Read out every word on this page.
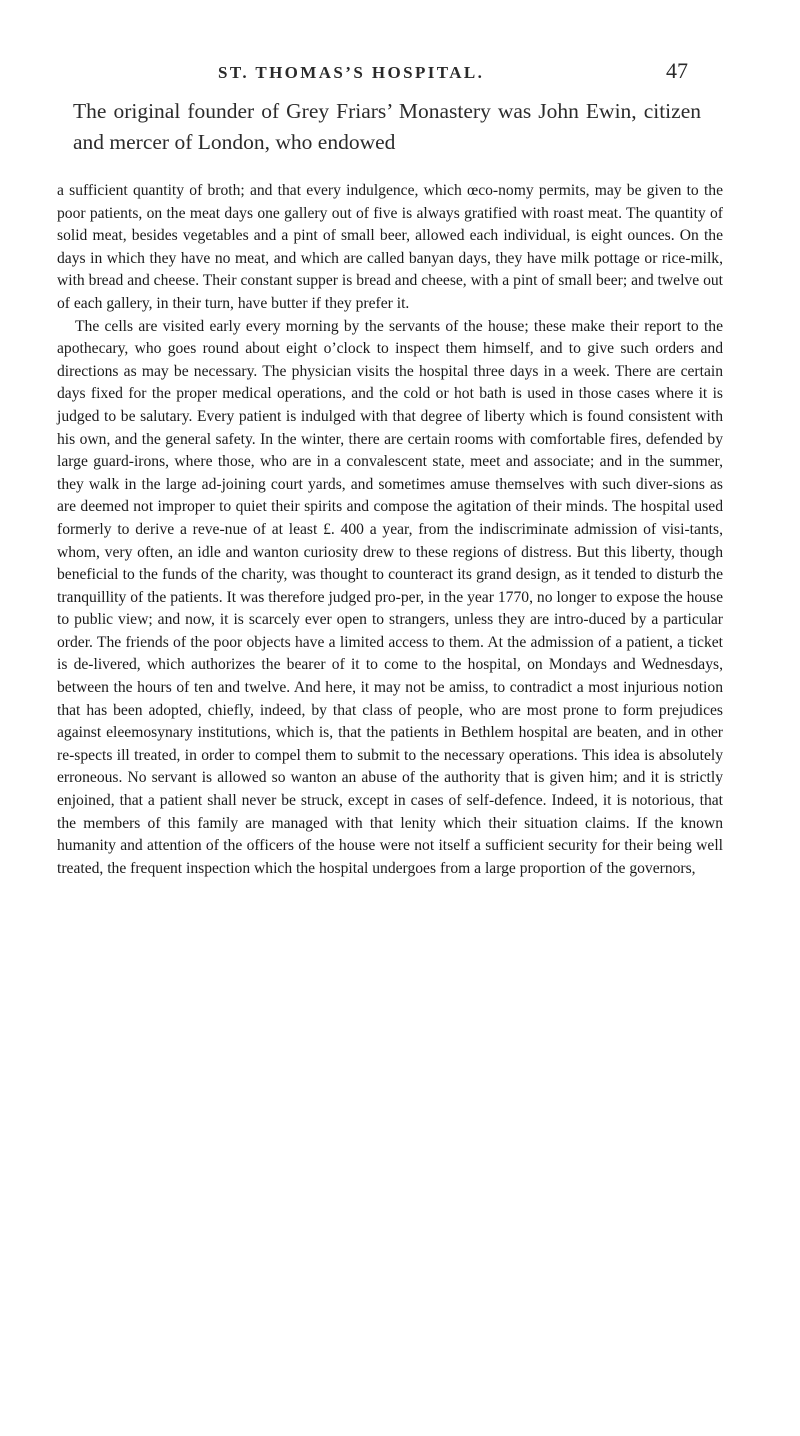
ST. THOMAS’S HOSPITAL.	47

The original founder of Grey Friars’ Monastery was John Ewin, citizen and mercer of London, who endowed

a sufficient quantity of broth; and that every indulgence, which œco-nomy permits, may be given to the poor patients, on the meat days one gallery out of five is always gratified with roast meat. The quantity of solid meat, besides vegetables and a pint of small beer, allowed each individual, is eight ounces. On the days in which they have no meat, and which are called banyan days, they have milk pottage or rice-milk, with bread and cheese. Their constant supper is bread and cheese, with a pint of small beer; and twelve out of each gallery, in their turn, have butter if they prefer it.

The cells are visited early every morning by the servants of the house; these make their report to the apothecary, who goes round about eight o’clock to inspect them himself, and to give such orders and directions as may be necessary. The physician visits the hospital three days in a week. There are certain days fixed for the proper medical operations, and the cold or hot bath is used in those cases where it is judged to be salutary. Every patient is indulged with that degree of liberty which is found consistent with his own, and the general safety. In the winter, there are certain rooms with comfortable fires, defended by large guard-irons, where those, who are in a convalescent state, meet and associate; and in the summer, they walk in the large ad-joining court yards, and sometimes amuse themselves with such diver-sions as are deemed not improper to quiet their spirits and compose the agitation of their minds. The hospital used formerly to derive a reve-nue of at least £. 400 a year, from the indiscriminate admission of visi-tants, whom, very often, an idle and wanton curiosity drew to these regions of distress. But this liberty, though beneficial to the funds of the charity, was thought to counteract its grand design, as it tended to disturb the tranquillity of the patients. It was therefore judged pro-per, in the year 1770, no longer to expose the house to public view; and now, it is scarcely ever open to strangers, unless they are intro-duced by a particular order. The friends of the poor objects have a limited access to them. At the admission of a patient, a ticket is de-livered, which authorizes the bearer of it to come to the hospital, on Mondays and Wednesdays, between the hours of ten and twelve. And here, it may not be amiss, to contradict a most injurious notion that has been adopted, chiefly, indeed, by that class of people, who are most prone to form prejudices against eleemosynary institutions, which is, that the patients in Bethlem hospital are beaten, and in other re-spects ill treated, in order to compel them to submit to the necessary operations. This idea is absolutely erroneous. No servant is allowed so wanton an abuse of the authority that is given him; and it is strictly enjoined, that a patient shall never be struck, except in cases of self-defence. Indeed, it is notorious, that the members of this family are managed with that lenity which their situation claims. If the known humanity and attention of the officers of the house were not itself a sufficient security for their being well treated, the frequent inspection which the hospital undergoes from a large proportion of the governors,
